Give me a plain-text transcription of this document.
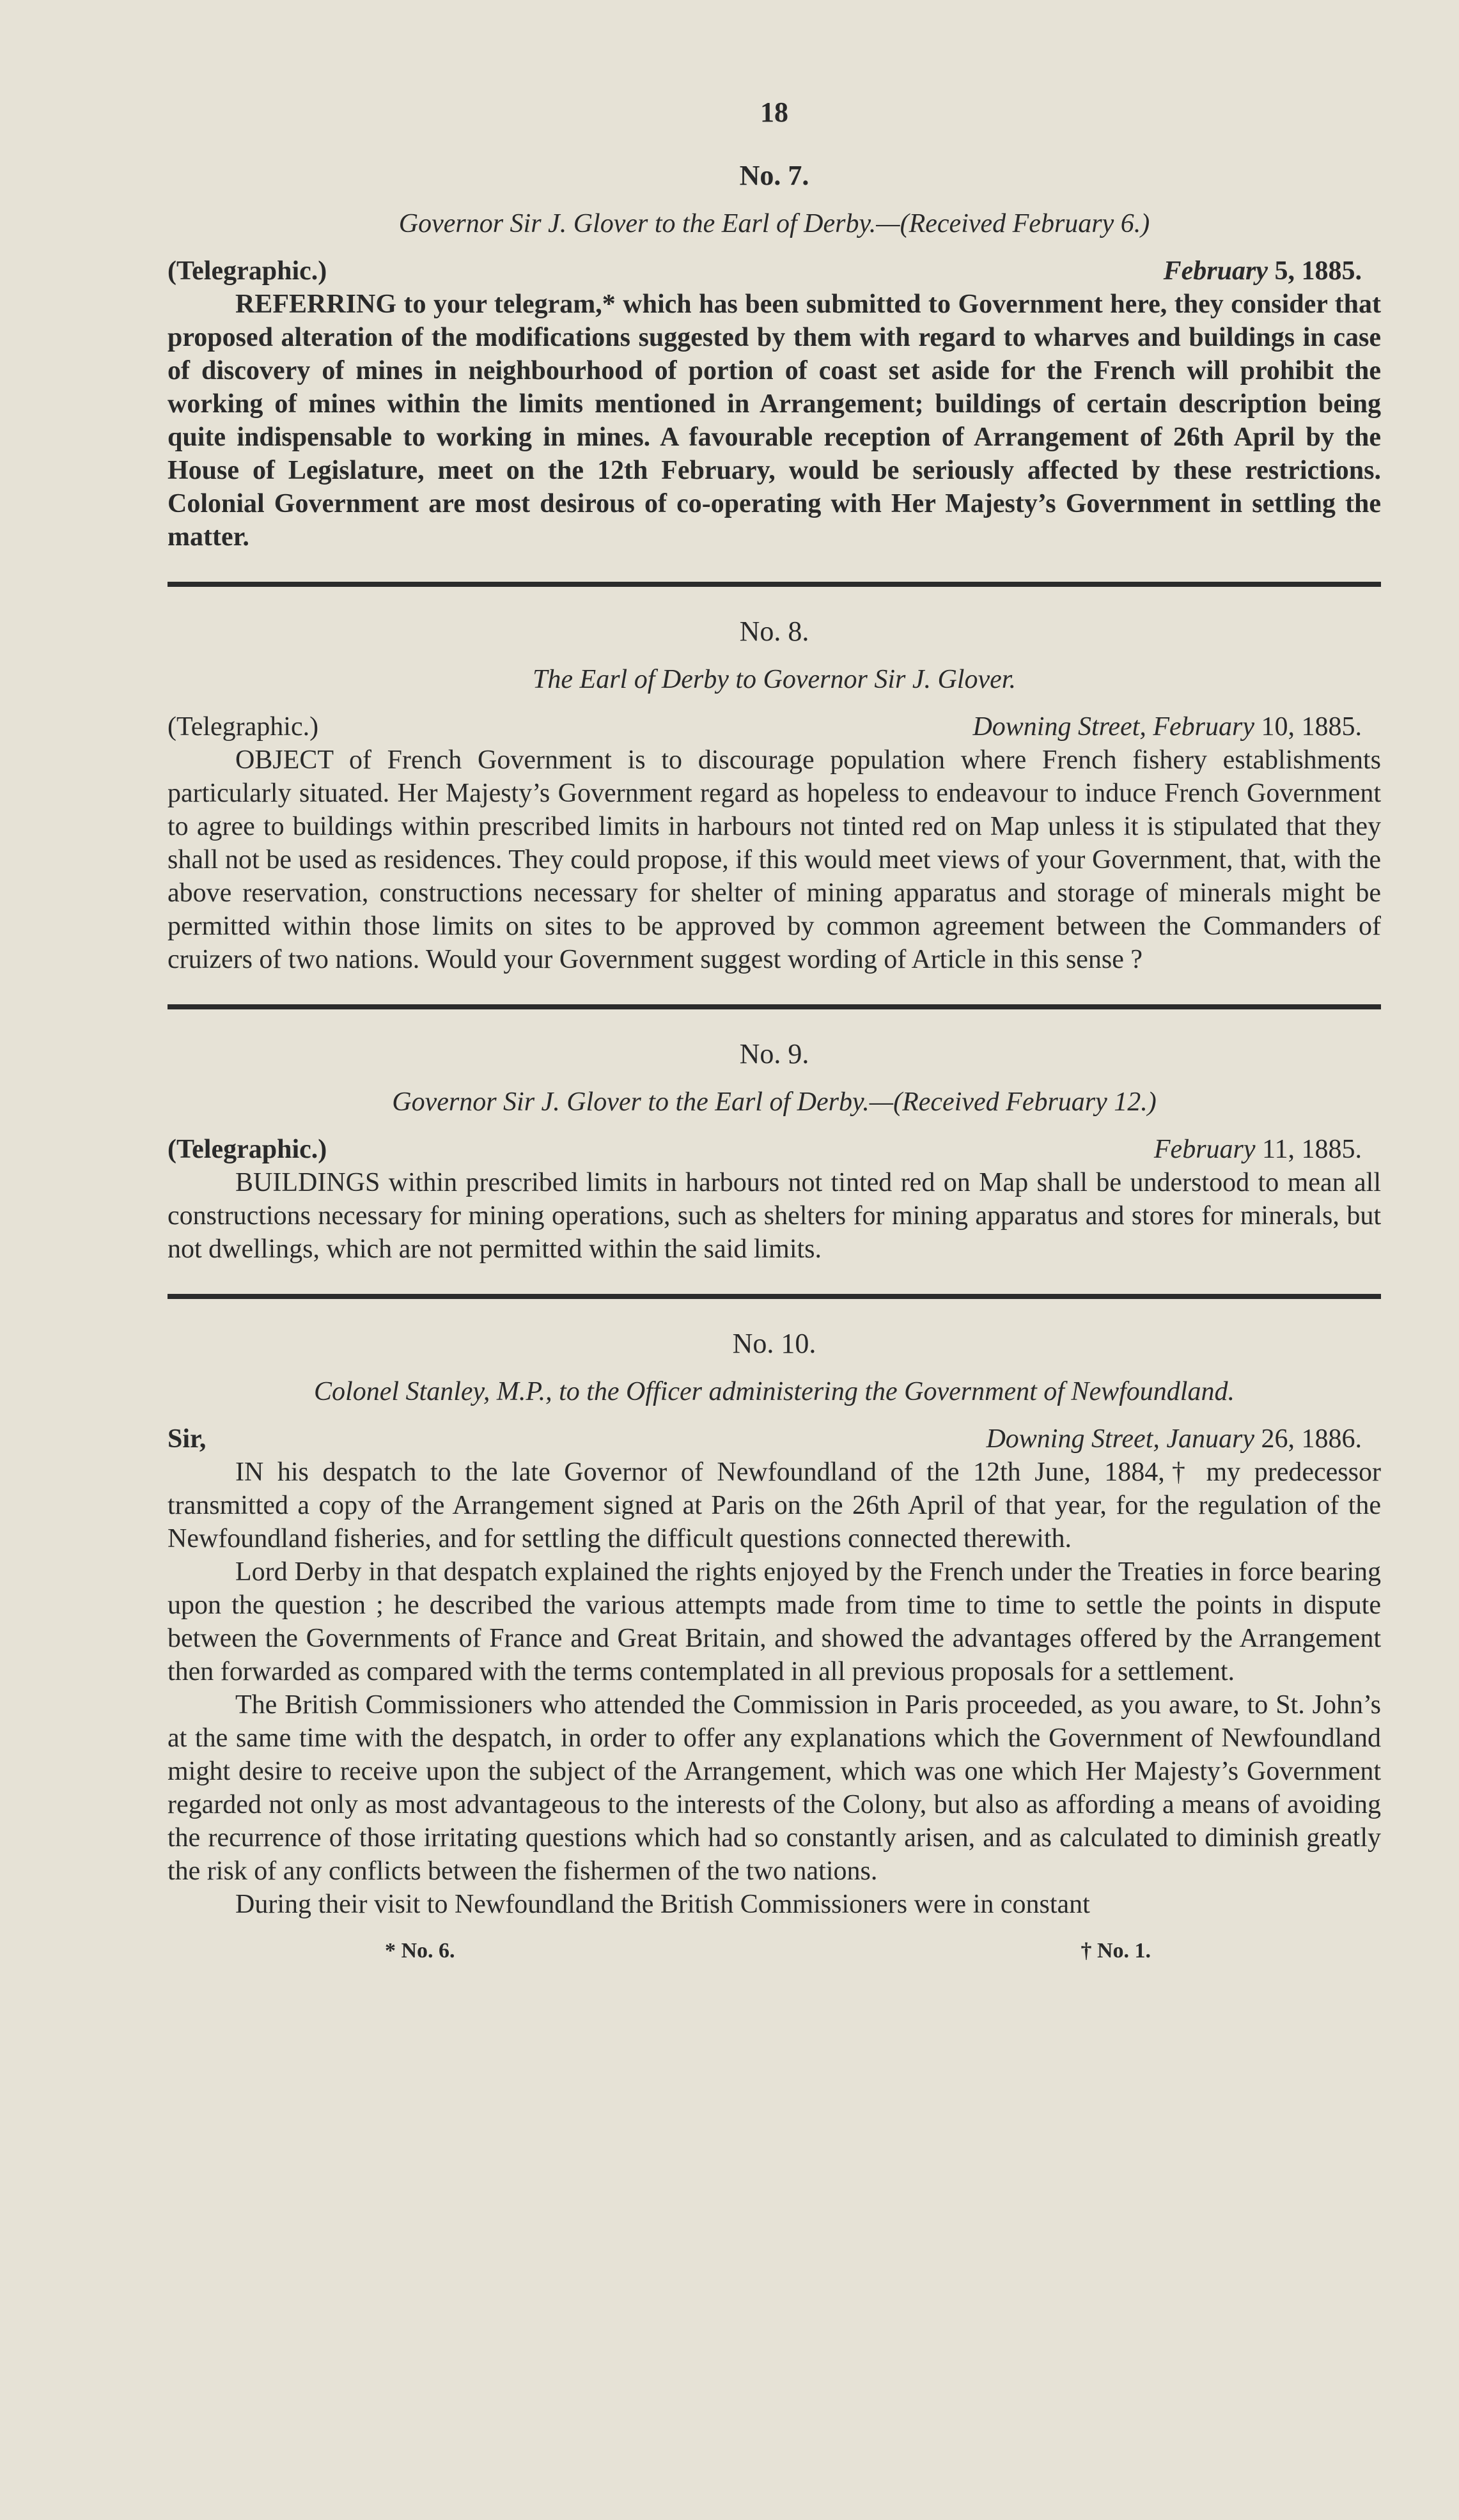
18
No. 7.
Governor Sir J. Glover to the Earl of Derby.—(Received February 6.)
(Telegraphic.)	February 5, 1885.

REFERRING to your telegram,* which has been submitted to Government here, they consider that proposed alteration of the modifications suggested by them with regard to wharves and buildings in case of discovery of mines in neighbourhood of portion of coast set aside for the French will prohibit the working of mines within the limits mentioned in Arrangement; buildings of certain description being quite indispensable to working in mines. A favourable reception of Arrangement of 26th April by the House of Legislature, meet on the 12th February, would be seriously affected by these restrictions. Colonial Government are most desirous of co-operating with Her Majesty’s Government in settling the matter.

No. 8.
The Earl of Derby to Governor Sir J. Glover.
(Telegraphic.)	Downing Street, February 10, 1885.

OBJECT of French Government is to discourage population where French fishery establishments particularly situated. Her Majesty’s Government regard as hopeless to endeavour to induce French Government to agree to buildings within prescribed limits in harbours not tinted red on Map unless it is stipulated that they shall not be used as residences. They could propose, if this would meet views of your Government, that, with the above reservation, constructions necessary for shelter of mining apparatus and storage of minerals might be permitted within those limits on sites to be approved by common agreement between the Commanders of cruizers of two nations. Would your Government suggest wording of Article in this sense ?

No. 9.
Governor Sir J. Glover to the Earl of Derby.—(Received February 12.)
(Telegraphic.)	February 11, 1885.

BUILDINGS within prescribed limits in harbours not tinted red on Map shall be understood to mean all constructions necessary for mining operations, such as shelters for mining apparatus and stores for minerals, but not dwellings, which are not permitted within the said limits.

No. 10.
Colonel Stanley, M.P., to the Officer administering the Government of Newfoundland.
Sir,	Downing Street, January 26, 1886.

IN his despatch to the late Governor of Newfoundland of the 12th June, 1884,† my predecessor transmitted a copy of the Arrangement signed at Paris on the 26th April of that year, for the regulation of the Newfoundland fisheries, and for settling the difficult questions connected therewith.

Lord Derby in that despatch explained the rights enjoyed by the French under the Treaties in force bearing upon the question ; he described the various attempts made from time to time to settle the points in dispute between the Governments of France and Great Britain, and showed the advantages offered by the Arrangement then forwarded as compared with the terms contemplated in all previous proposals for a settlement.

The British Commissioners who attended the Commission in Paris proceeded, as you aware, to St. John’s at the same time with the despatch, in order to offer any explanations which the Government of Newfoundland might desire to receive upon the subject of the Arrangement, which was one which Her Majesty’s Government regarded not only as most advantageous to the interests of the Colony, but also as affording a means of avoiding the recurrence of those irritating questions which had so constantly arisen, and as calculated to diminish greatly the risk of any conflicts between the fishermen of the two nations.

During their visit to Newfoundland the British Commissioners were in constant

* No. 6.	† No. 1.
